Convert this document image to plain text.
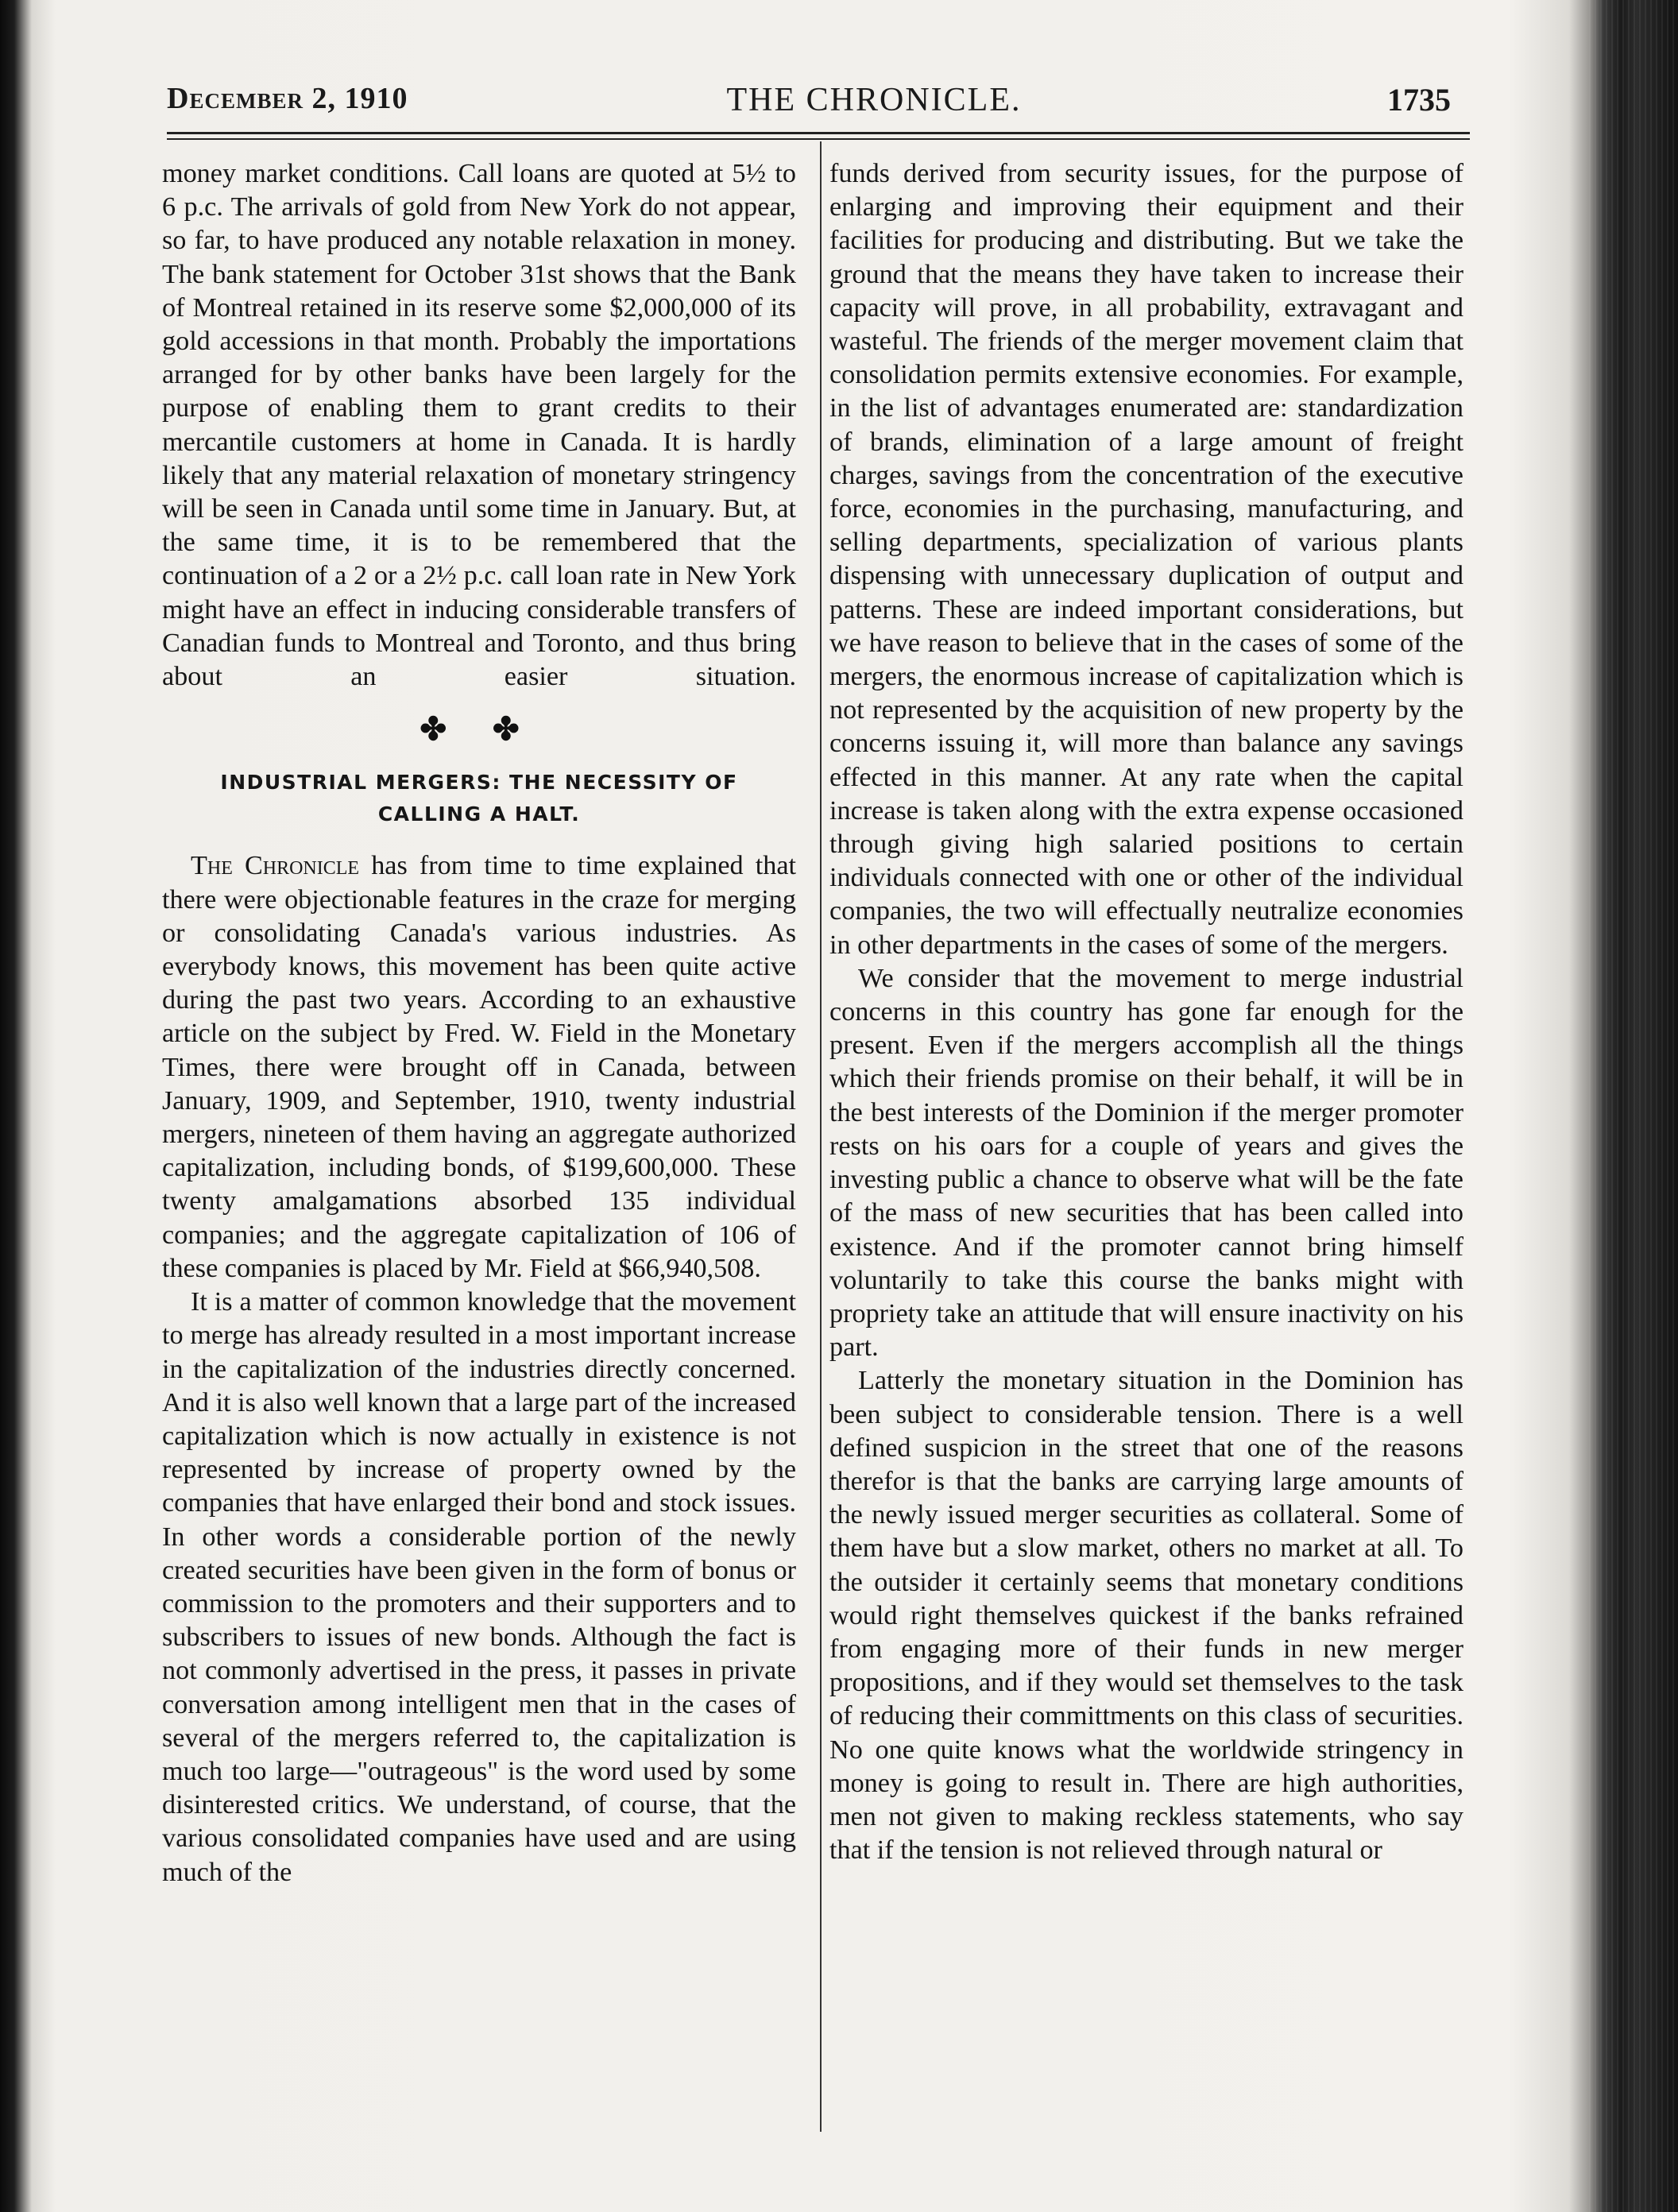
December 2, 1910	THE CHRONICLE.	1735

money market conditions. Call loans are quoted at 5½ to 6 p.c. The arrivals of gold from New York do not appear, so far, to have produced any notable relaxation in money. The bank statement for October 31st shows that the Bank of Montreal retained in its reserve some $2,000,000 of its gold accessions in that month. Probably the importations arranged for by other banks have been largely for the purpose of enabling them to grant credits to their mercantile customers at home in Canada. It is hardly likely that any material relaxation of monetary stringency will be seen in Canada until some time in January. But, at the same time, it is to be remembered that the continuation of a 2 or a 2½ p.c. call loan rate in New York might have an effect in inducing considerable transfers of Canadian funds to Montreal and Toronto, and thus bring about an easier situation.

✤ ✤
INDUSTRIAL MERGERS: THE NECESSITY OF
CALLING A HALT.

The Chronicle has from time to time explained that there were objectionable features in the craze for merging or consolidating Canada's various industries. As everybody knows, this movement has been quite active during the past two years. According to an exhaustive article on the subject by Fred. W. Field in the Monetary Times, there were brought off in Canada, between January, 1909, and September, 1910, twenty industrial mergers, nineteen of them having an aggregate authorized capitalization, including bonds, of $199,600,000. These twenty amalgamations absorbed 135 individual companies; and the aggregate capitalization of 106 of these companies is placed by Mr. Field at $66,940,508.

It is a matter of common knowledge that the movement to merge has already resulted in a most important increase in the capitalization of the industries directly concerned. And it is also well known that a large part of the increased capitalization which is now actually in existence is not represented by increase of property owned by the companies that have enlarged their bond and stock issues. In other words a considerable portion of the newly created securities have been given in the form of bonus or commission to the promoters and their supporters and to subscribers to issues of new bonds. Although the fact is not commonly advertised in the press, it passes in private conversation among intelligent men that in the cases of several of the mergers referred to, the capitalization is much too large—"outrageous" is the word used by some disinterested critics. We understand, of course, that the various consolidated companies have used and are using much of the

funds derived from security issues, for the purpose of enlarging and improving their equipment and their facilities for producing and distributing. But we take the ground that the means they have taken to increase their capacity will prove, in all probability, extravagant and wasteful. The friends of the merger movement claim that consolidation permits extensive economies. For example, in the list of advantages enumerated are: standardization of brands, elimination of a large amount of freight charges, savings from the concentration of the executive force, economies in the purchasing, manufacturing, and selling departments, specialization of various plants dispensing with unnecessary duplication of output and patterns. These are indeed important considerations, but we have reason to believe that in the cases of some of the mergers, the enormous increase of capitalization which is not represented by the acquisition of new property by the concerns issuing it, will more than balance any savings effected in this manner. At any rate when the capital increase is taken along with the extra expense occasioned through giving high salaried positions to certain individuals connected with one or other of the individual companies, the two will effectually neutralize economies in other departments in the cases of some of the mergers.

We consider that the movement to merge industrial concerns in this country has gone far enough for the present. Even if the mergers accomplish all the things which their friends promise on their behalf, it will be in the best interests of the Dominion if the merger promoter rests on his oars for a couple of years and gives the investing public a chance to observe what will be the fate of the mass of new securities that has been called into existence. And if the promoter cannot bring himself voluntarily to take this course the banks might with propriety take an attitude that will ensure inactivity on his part.

Latterly the monetary situation in the Dominion has been subject to considerable tension. There is a well defined suspicion in the street that one of the reasons therefor is that the banks are carrying large amounts of the newly issued merger securities as collateral. Some of them have but a slow market, others no market at all. To the outsider it certainly seems that monetary conditions would right themselves quickest if the banks refrained from engaging more of their funds in new merger propositions, and if they would set themselves to the task of reducing their committments on this class of securities. No one quite knows what the worldwide stringency in money is going to result in. There are high authorities, men not given to making reckless statements, who say that if the tension is not relieved through natural or
